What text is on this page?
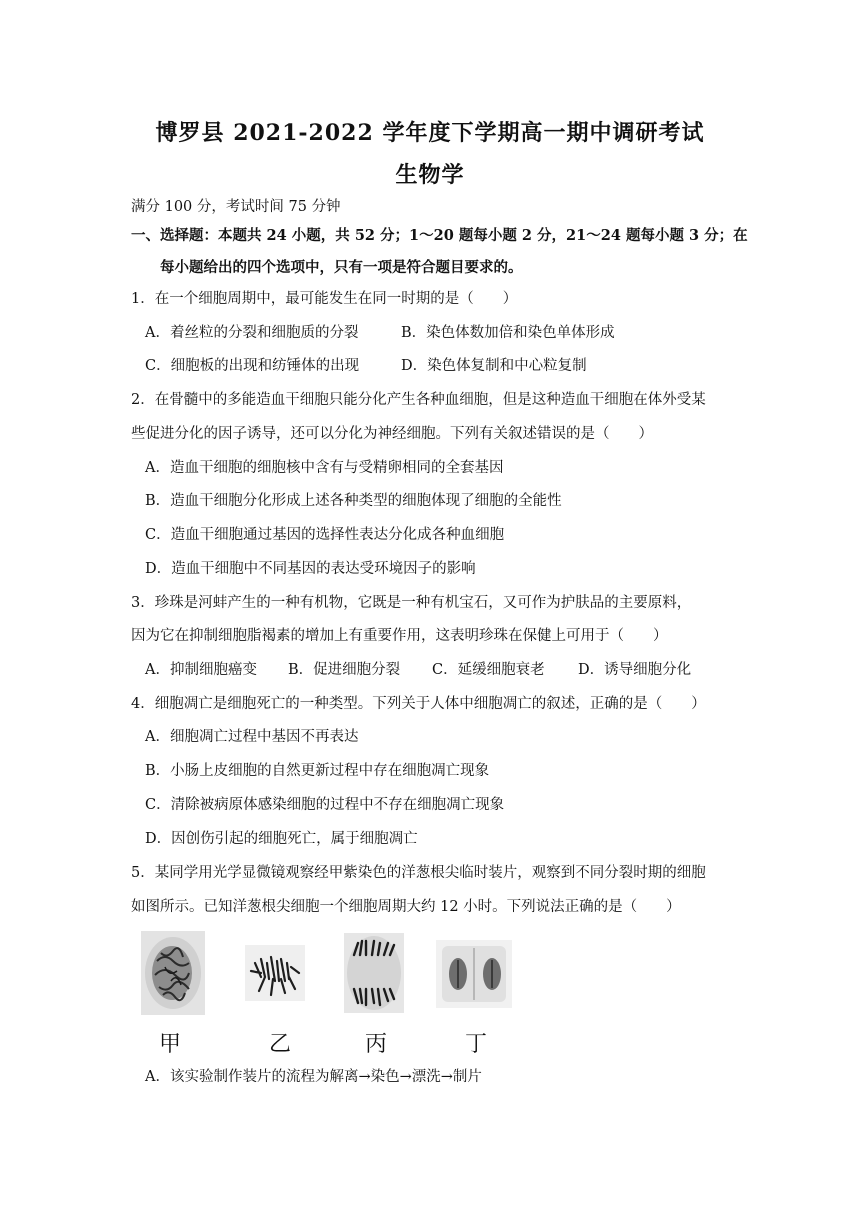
博罗县 2021-2022 学年度下学期高一期中调研考试
生物学
满分 100 分，考试时间 75 分钟
一、选择题：本题共 24 小题，共 52 分；1～20 题每小题 2 分，21～24 题每小题 3 分；在
每小题给出的四个选项中，只有一项是符合题目要求的。
1．在一个细胞周期中，最可能发生在同一时期的是（　　）
A．着丝粒的分裂和细胞质的分裂	B．染色体数加倍和染色单体形成
C．细胞板的出现和纺锤体的出现	D．染色体复制和中心粒复制
2．在骨髓中的多能造血干细胞只能分化产生各种血细胞，但是这种造血干细胞在体外受某
些促进分化的因子诱导，还可以分化为神经细胞。下列有关叙述错误的是（　　）
A．造血干细胞的细胞核中含有与受精卵相同的全套基因
B．造血干细胞分化形成上述各种类型的细胞体现了细胞的全能性
C．造血干细胞通过基因的选择性表达分化成各种血细胞
D．造血干细胞中不同基因的表达受环境因子的影响
3．珍珠是河蚌产生的一种有机物，它既是一种有机宝石，又可作为护肤品的主要原料，
因为它在抑制细胞脂褐素的增加上有重要作用，这表明珍珠在保健上可用于（　　）
A．抑制细胞癌变 B．促进细胞分裂 C．延缓细胞衰老 D．诱导细胞分化
4．细胞凋亡是细胞死亡的一种类型。下列关于人体中细胞凋亡的叙述，正确的是（　　）
A．细胞凋亡过程中基因不再表达
B．小肠上皮细胞的自然更新过程中存在细胞凋亡现象
C．清除被病原体感染细胞的过程中不存在细胞凋亡现象
D．因创伤引起的细胞死亡，属于细胞凋亡
5．某同学用光学显微镜观察经甲紫染色的洋葱根尖临时装片，观察到不同分裂时期的细胞
如图所示。已知洋葱根尖细胞一个细胞周期大约 12 小时。下列说法正确的是（　　）
甲	乙	丙	丁
A．该实验制作装片的流程为解离→染色→漂洗→制片
